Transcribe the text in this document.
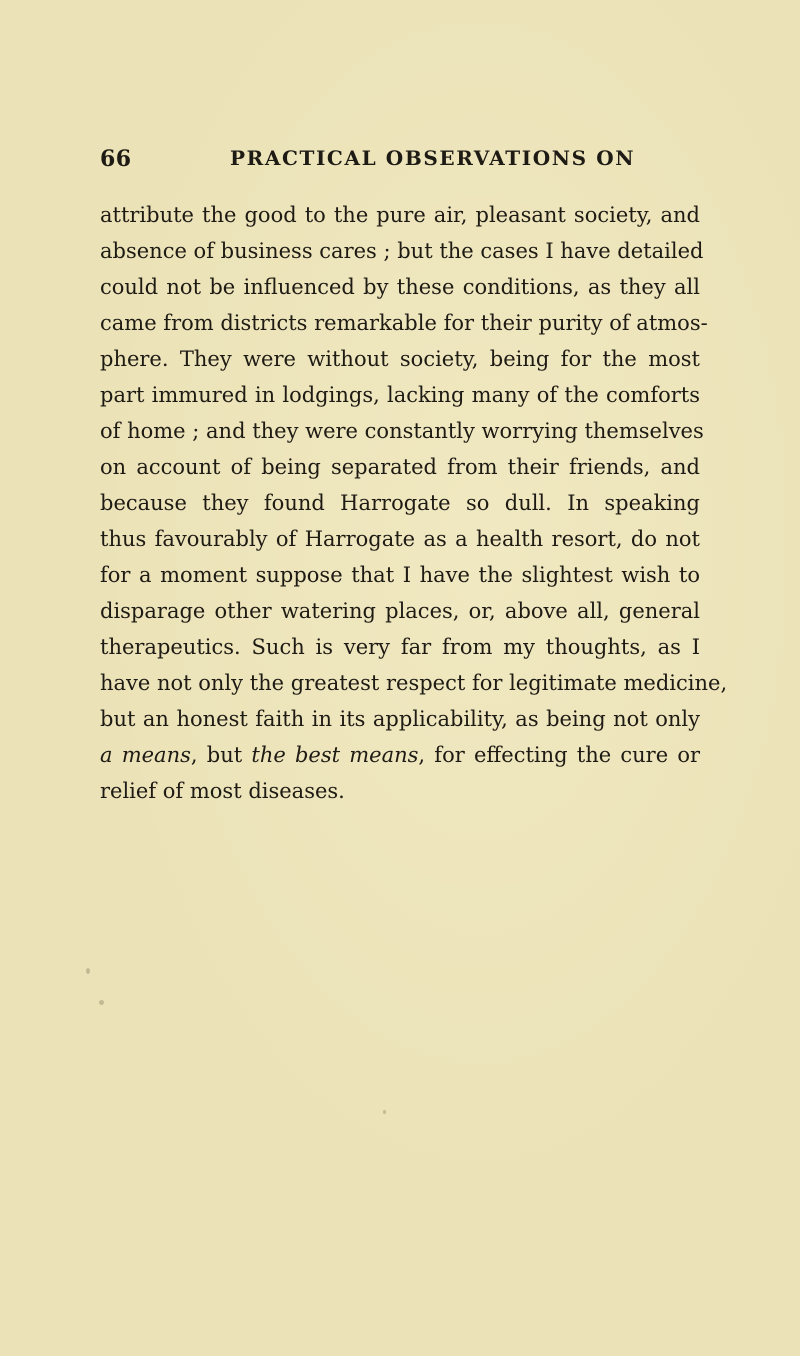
66	PRACTICAL OBSERVATIONS ON
attribute the good to the pure air, pleasant society, and
absence of business cares ; but the cases I have detailed
could not be influenced by these conditions, as they all
came from districts remarkable for their purity of atmos-
phere. They were without society, being for the most
part immured in lodgings, lacking many of the comforts
of home ; and they were constantly worrying themselves
on account of being separated from their friends, and
because they found Harrogate so dull. In speaking
thus favourably of Harrogate as a health resort, do not
for a moment suppose that I have the slightest wish to
disparage other watering places, or, above all, general
therapeutics. Such is very far from my thoughts, as I
have not only the greatest respect for legitimate medicine,
but an honest faith in its applicability, as being not only
a means, but the best means, for effecting the cure or
relief of most diseases.
